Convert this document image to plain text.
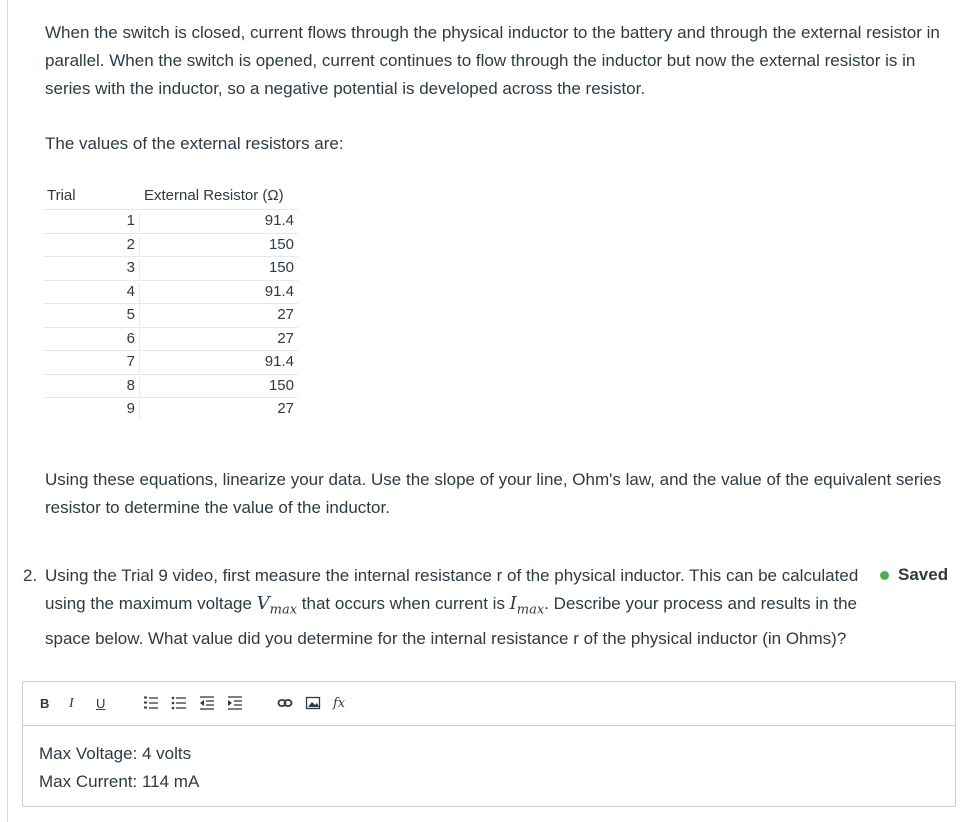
When the switch is closed, current flows through the physical inductor to the battery and through the external resistor in parallel. When the switch is opened, current continues to flow through the inductor but now the external resistor is in series with the inductor, so a negative potential is developed across the resistor.

The values of the external resistors are:

Trial	External Resistor (Ω)
1	91.4
2	150
3	150
4	91.4
5	27
6	27
7	91.4
8	150
9	27

Using these equations, linearize your data. Use the slope of your line, Ohm's law, and the value of the equivalent series resistor to determine the value of the inductor.

2. Using the Trial 9 video, first measure the internal resistance r of the physical inductor. This can be calculated using the maximum voltage $V_{max}$ that occurs when current is $I_{max}$. Describe your process and results in the space below. What value did you determine for the internal resistance r of the physical inductor (in Ohms)?

Saved
B I U	fx
Max Voltage: 4 volts
Max Current: 114 mA
